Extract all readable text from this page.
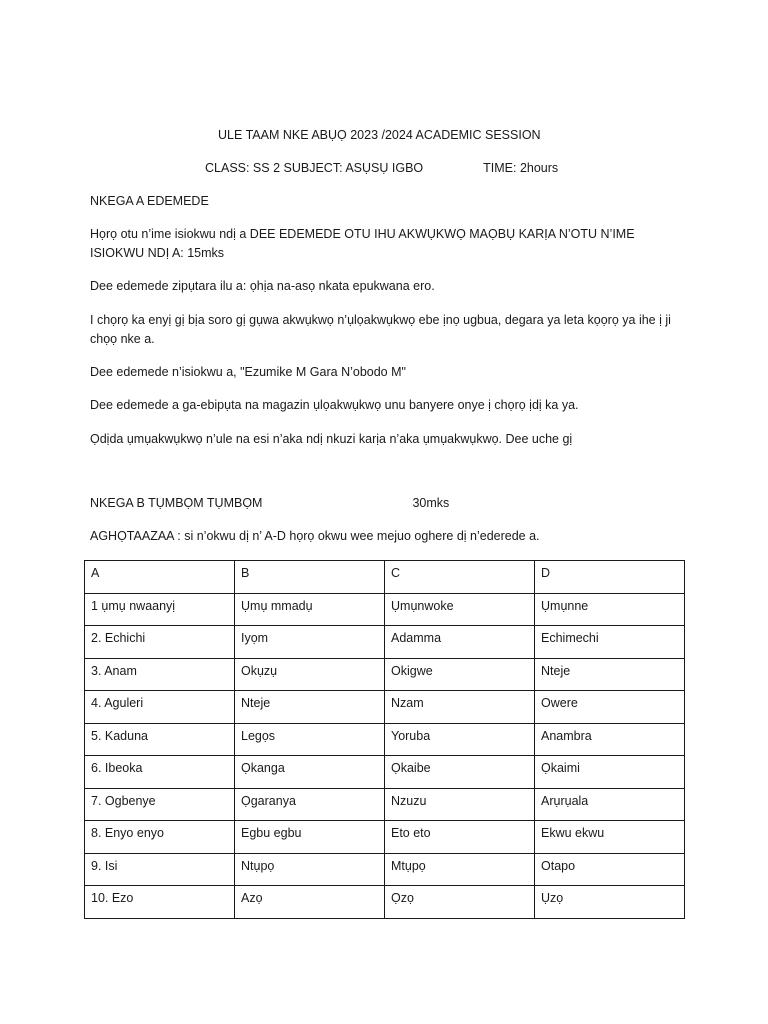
ULE TAAM NKE ABỤỌ 2023 /2024 ACADEMIC SESSION
CLASS: SS 2 SUBJECT: ASỤSỤ IGBO	TIME: 2hours
NKEGA A EDEMEDE
Họrọ otu n’ime isiokwu ndị a DEE EDEMEDE OTU IHU AKWỤKWỌ MAỌBỤ KARỊA N’OTU N’IME
ISIOKWU NDỊ A: 15mks
Dee edemede zipụtara ilu a: ọhịa na-asọ nkata epukwana ero.
I chọrọ ka enyị gị bịa soro gị gụwa akwụkwọ n’ụlọakwụkwọ ebe ịnọ ugbua, degara ya leta kọọrọ ya ihe ị ji chọọ nke a.
Dee edemede n’isiokwu a, "Ezumike M Gara N’obodo M"
Dee edemede a ga-ebipụta na magazin ụlọakwụkwọ unu banyere onye ị chọrọ ịdị ka ya.
Ọdịda ụmụakwụkwọ n’ule na esi n’aka ndị nkuzi karịa n’aka ụmụakwụkwọ. Dee uche gị
NKEGA B TỤMBỌM TỤMBỌM	30mks
AGHỌTAAZAA : si n’okwu dị n’ A-D họrọ okwu wee mejuo oghere dị n’ederede a.
A	B	C	D
1 ụmụ nwaanyị	Ụmụ mmadụ	Ụmụnwoke	Ụmụnne
2. Echichi	Iyọm	Adamma	Echimechi
3. Anam	Okụzụ	Okigwe	Nteje
4. Aguleri	Nteje	Nzam	Owere
5. Kaduna	Legọs	Yoruba	Anambra
6. Ibeoka	Ọkanga	Ọkaibe	Ọkaimi
7. Ogbenye	Ọgaranya	Nzuzu	Arụrụala
8. Enyo enyo	Egbu egbu	Eto eto	Ekwu ekwu
9. Isi	Ntụpọ	Mtụpọ	Otapo
10. Ezo	Azọ	Ọzọ	Ụzọ
